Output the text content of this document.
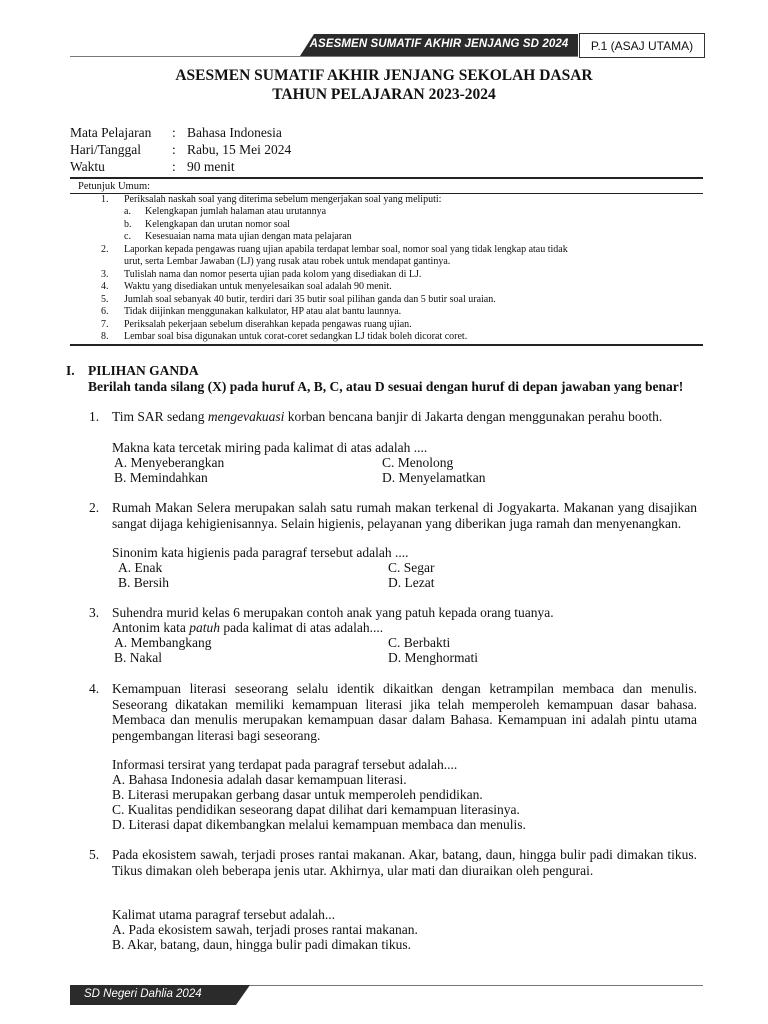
ASESMEN SUMATIF AKHIR JENJANG SD 2024	P.1 (ASAJ UTAMA)
ASESMEN SUMATIF AKHIR JENJANG SEKOLAH DASAR
TAHUN PELAJARAN 2023-2024
Mata Pelajaran	: Bahasa Indonesia
Hari/Tanggal	: Rabu, 15 Mei 2024
Waktu	: 90 menit
Petunjuk Umum:
1. Periksalah naskah soal yang diterima sebelum mengerjakan soal yang meliputi:
a. Kelengkapan jumlah halaman atau urutannya
b. Kelengkapan dan urutan nomor soal
c. Kesesuaian nama mata ujian dengan mata pelajaran
2. Laporkan kepada pengawas ruang ujian apabila terdapat lembar soal, nomor soal yang tidak lengkap atau tidak
urut, serta Lembar Jawaban (LJ) yang rusak atau robek untuk mendapat gantinya.
3. Tulislah nama dan nomor peserta ujian pada kolom yang disediakan di LJ.
4. Waktu yang disediakan untuk menyelesaikan soal adalah 90 menit.
5. Jumlah soal sebanyak 40 butir, terdiri dari 35 butir soal pilihan ganda dan 5 butir soal uraian.
6. Tidak diijinkan menggunakan kalkulator, HP atau alat bantu launnya.
7. Periksalah pekerjaan sebelum diserahkan kepada pengawas ruang ujian.
8. Lembar soal bisa digunakan untuk corat-coret sedangkan LJ tidak boleh dicorat coret.
I. PILIHAN GANDA
Berilah tanda silang (X) pada huruf A, B, C, atau D sesuai dengan huruf di depan jawaban yang benar!
1. Tim SAR sedang mengevakuasi korban bencana banjir di Jakarta dengan menggunakan perahu booth.
Makna kata tercetak miring pada kalimat di atas adalah ....
A. Menyeberangkan
B. Memindahkan
C. Menolong
D. Menyelamatkan
2. Rumah Makan Selera merupakan salah satu rumah makan terkenal di Jogyakarta. Makanan yang disajikan sangat dijaga kehigienisannya. Selain higienis, pelayanan yang diberikan juga ramah dan menyenangkan.
Sinonim kata higienis pada paragraf tersebut adalah ....
A. Enak
B. Bersih
C. Segar
D. Lezat
3. Suhendra murid kelas 6 merupakan contoh anak yang patuh kepada orang tuanya.
Antonim kata patuh pada kalimat di atas adalah....
A. Membangkang
B. Nakal
C. Berbakti
D. Menghormati
4. Kemampuan literasi seseorang selalu identik dikaitkan dengan ketrampilan membaca dan menulis. Seseorang dikatakan memiliki kemampuan literasi jika telah memperoleh kemampuan dasar bahasa. Membaca dan menulis merupakan kemampuan dasar dalam Bahasa. Kemampuan ini adalah pintu utama pengembangan literasi bagi seseorang.
Informasi tersirat yang terdapat pada paragraf tersebut adalah....
A. Bahasa Indonesia adalah dasar kemampuan literasi.
B. Literasi merupakan gerbang dasar untuk memperoleh pendidikan.
C. Kualitas pendidikan seseorang dapat dilihat dari kemampuan literasinya.
D. Literasi dapat dikembangkan melalui kemampuan membaca dan menulis.
5. Pada ekosistem sawah, terjadi proses rantai makanan. Akar, batang, daun, hingga bulir padi dimakan tikus. Tikus dimakan oleh beberapa jenis utar. Akhirnya, ular mati dan diuraikan oleh pengurai.
Kalimat utama paragraf tersebut adalah...
A. Pada ekosistem sawah, terjadi proses rantai makanan.
B. Akar, batang, daun, hingga bulir padi dimakan tikus.
SD Negeri Dahlia 2024
